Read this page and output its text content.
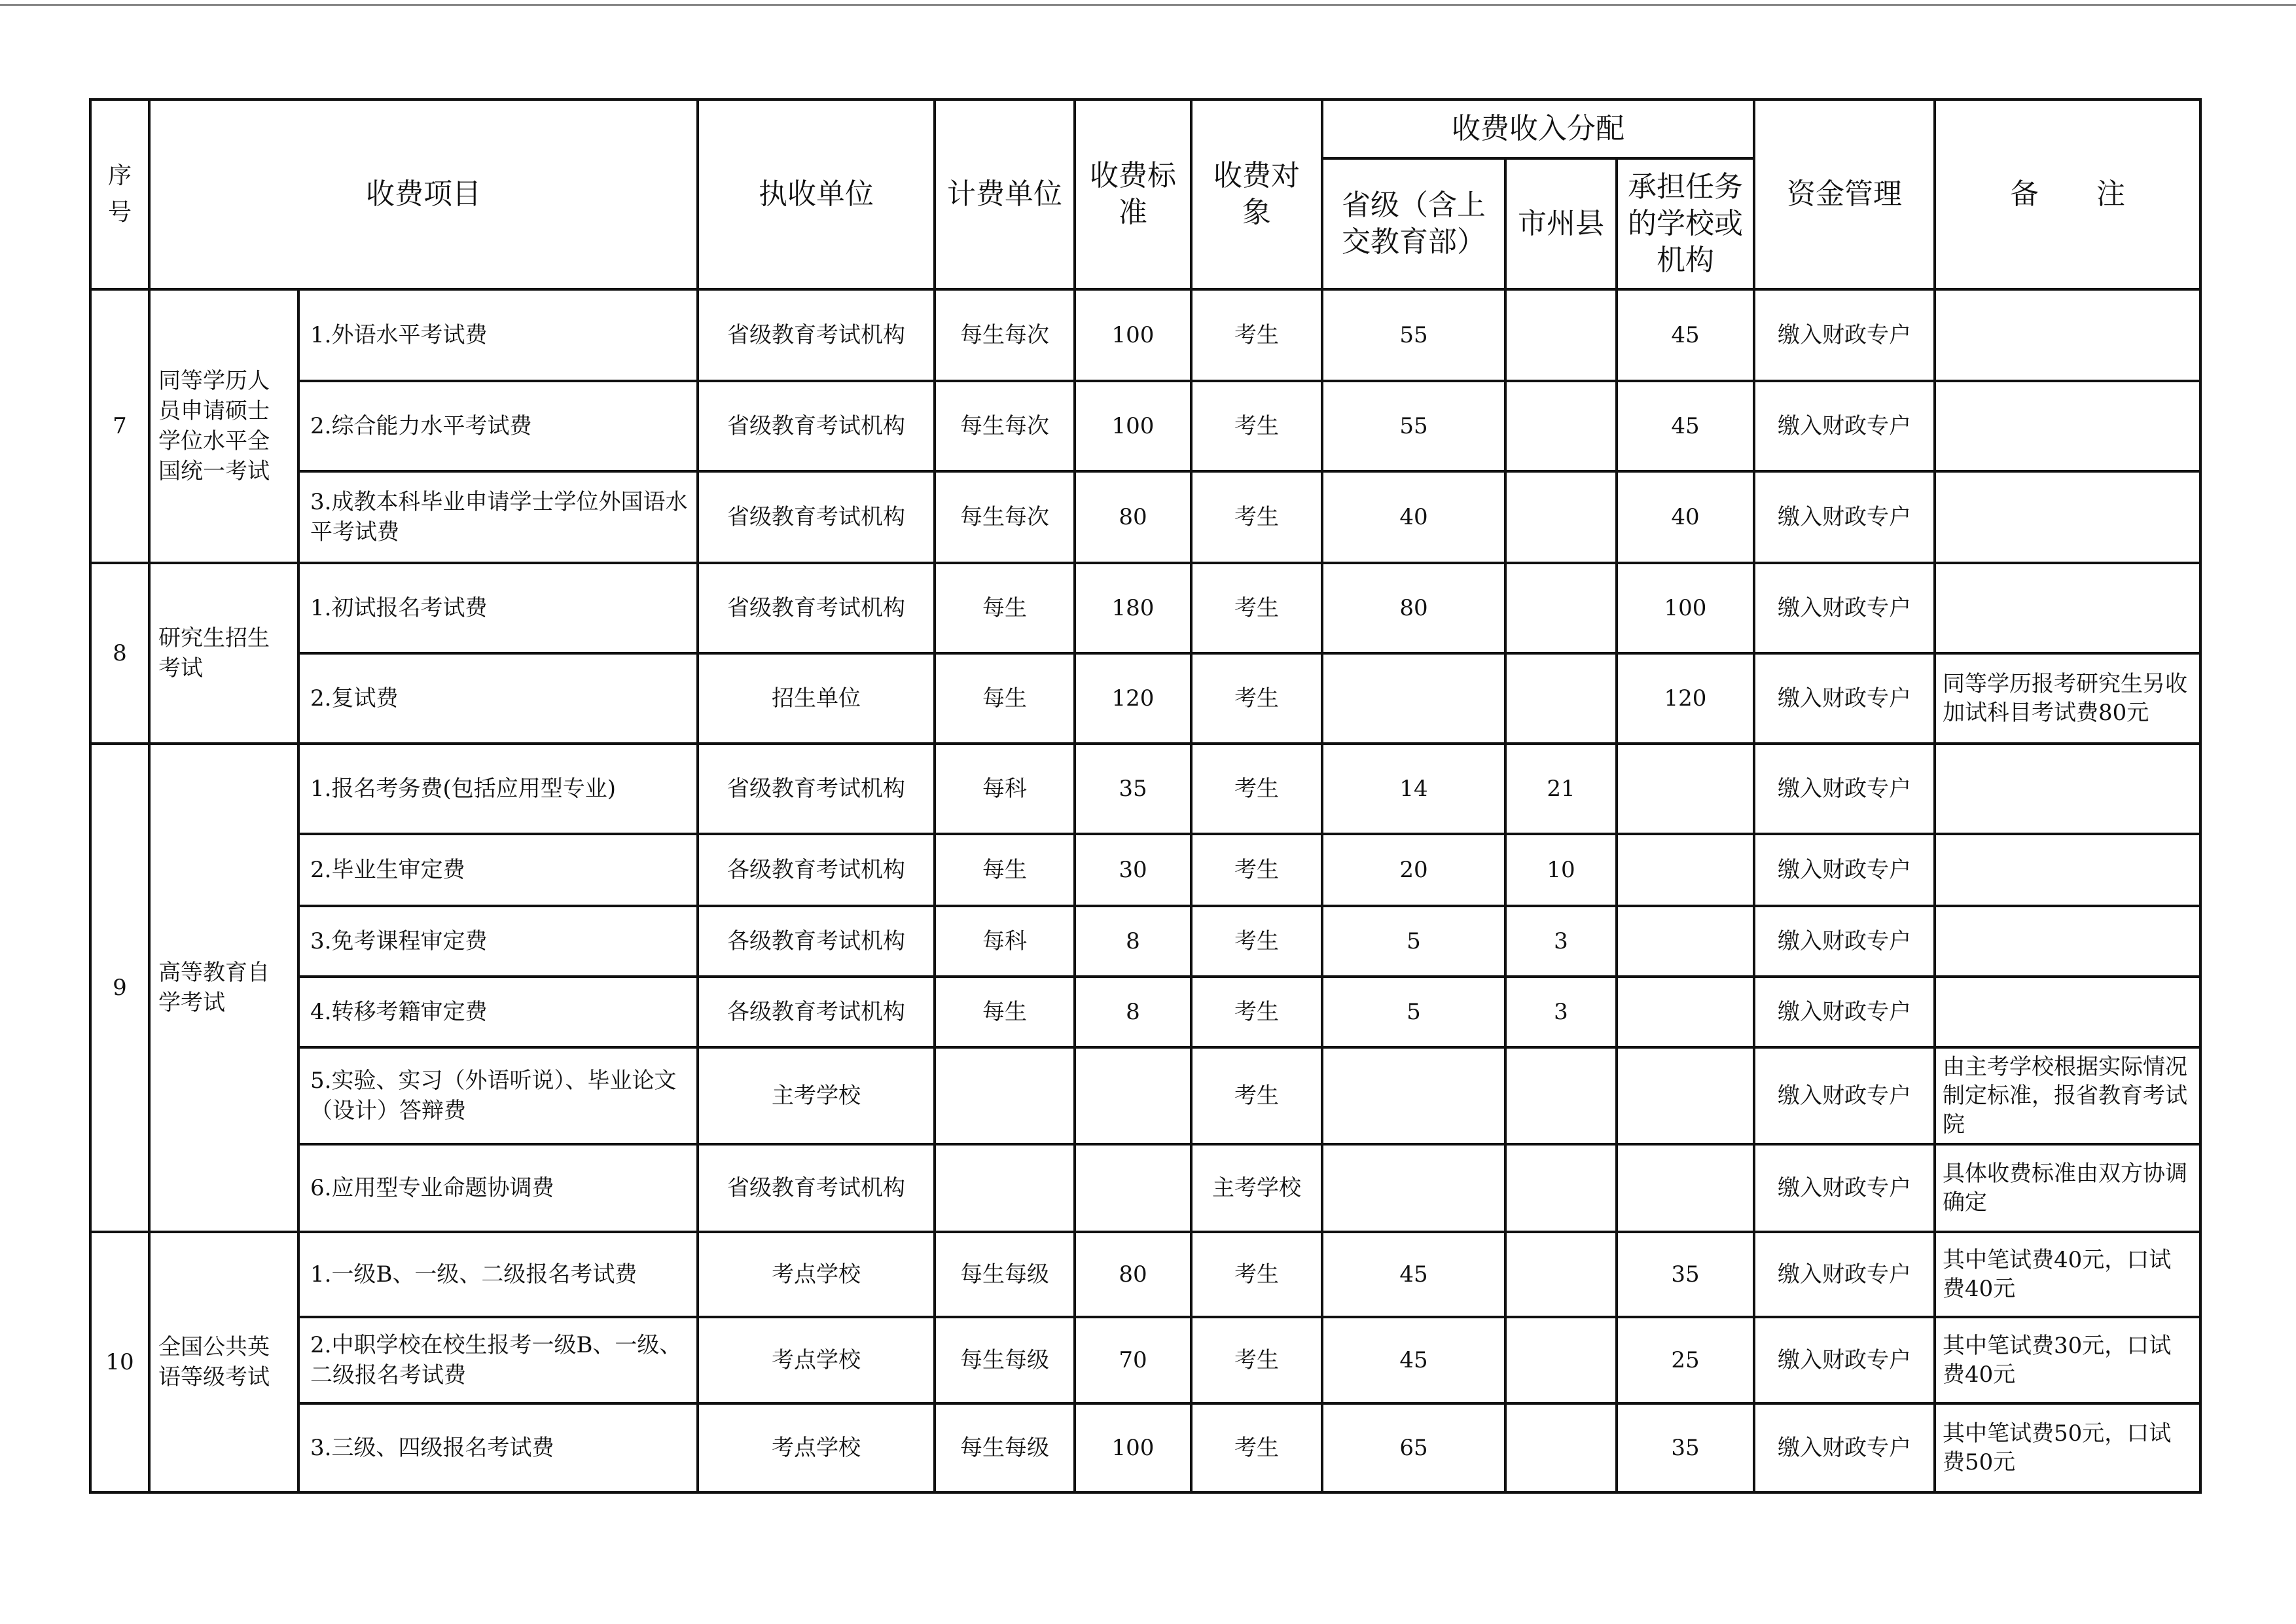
序号	收费项目		执收单位	计费单位	收费标准	收费对象	收费收入分配			资金管理	备　　注
							省级（含上交教育部）	市州县	承担任务的学校或机构		
7	同等学历人员申请硕士学位水平全国统一考试	1.外语水平考试费	省级教育考试机构	每生每次	100	考生	55		45	缴入财政专户	
		2.综合能力水平考试费	省级教育考试机构	每生每次	100	考生	55		45	缴入财政专户	
		3.成教本科毕业申请学士学位外国语水平考试费	省级教育考试机构	每生每次	80	考生	40		40	缴入财政专户	
8	研究生招生考试	1.初试报名考试费	省级教育考试机构	每生	180	考生	80		100	缴入财政专户	
		2.复试费	招生单位	每生	120	考生			120	缴入财政专户	同等学历报考研究生另收加试科目考试费80元
9	高等教育自学考试	1.报名考务费(包括应用型专业)	省级教育考试机构	每科	35	考生	14	21		缴入财政专户	
		2.毕业生审定费	各级教育考试机构	每生	30	考生	20	10		缴入财政专户	
		3.免考课程审定费	各级教育考试机构	每科	8	考生	5	3		缴入财政专户	
		4.转移考籍审定费	各级教育考试机构	每生	8	考生	5	3		缴入财政专户	
		5.实验、实习（外语听说）、毕业论文（设计）答辩费	主考学校			考生				缴入财政专户	由主考学校根据实际情况制定标准，报省教育考试院
		6.应用型专业命题协调费	省级教育考试机构			主考学校				缴入财政专户	具体收费标准由双方协调确定
10	全国公共英语等级考试	1.一级B、一级、二级报名考试费	考点学校	每生每级	80	考生	45		35	缴入财政专户	其中笔试费40元，口试费40元
		2.中职学校在校生报考一级B、一级、二级报名考试费	考点学校	每生每级	70	考生	45		25	缴入财政专户	其中笔试费30元，口试费40元
		3.三级、四级报名考试费	考点学校	每生每级	100	考生	65		35	缴入财政专户	其中笔试费50元，口试费50元
